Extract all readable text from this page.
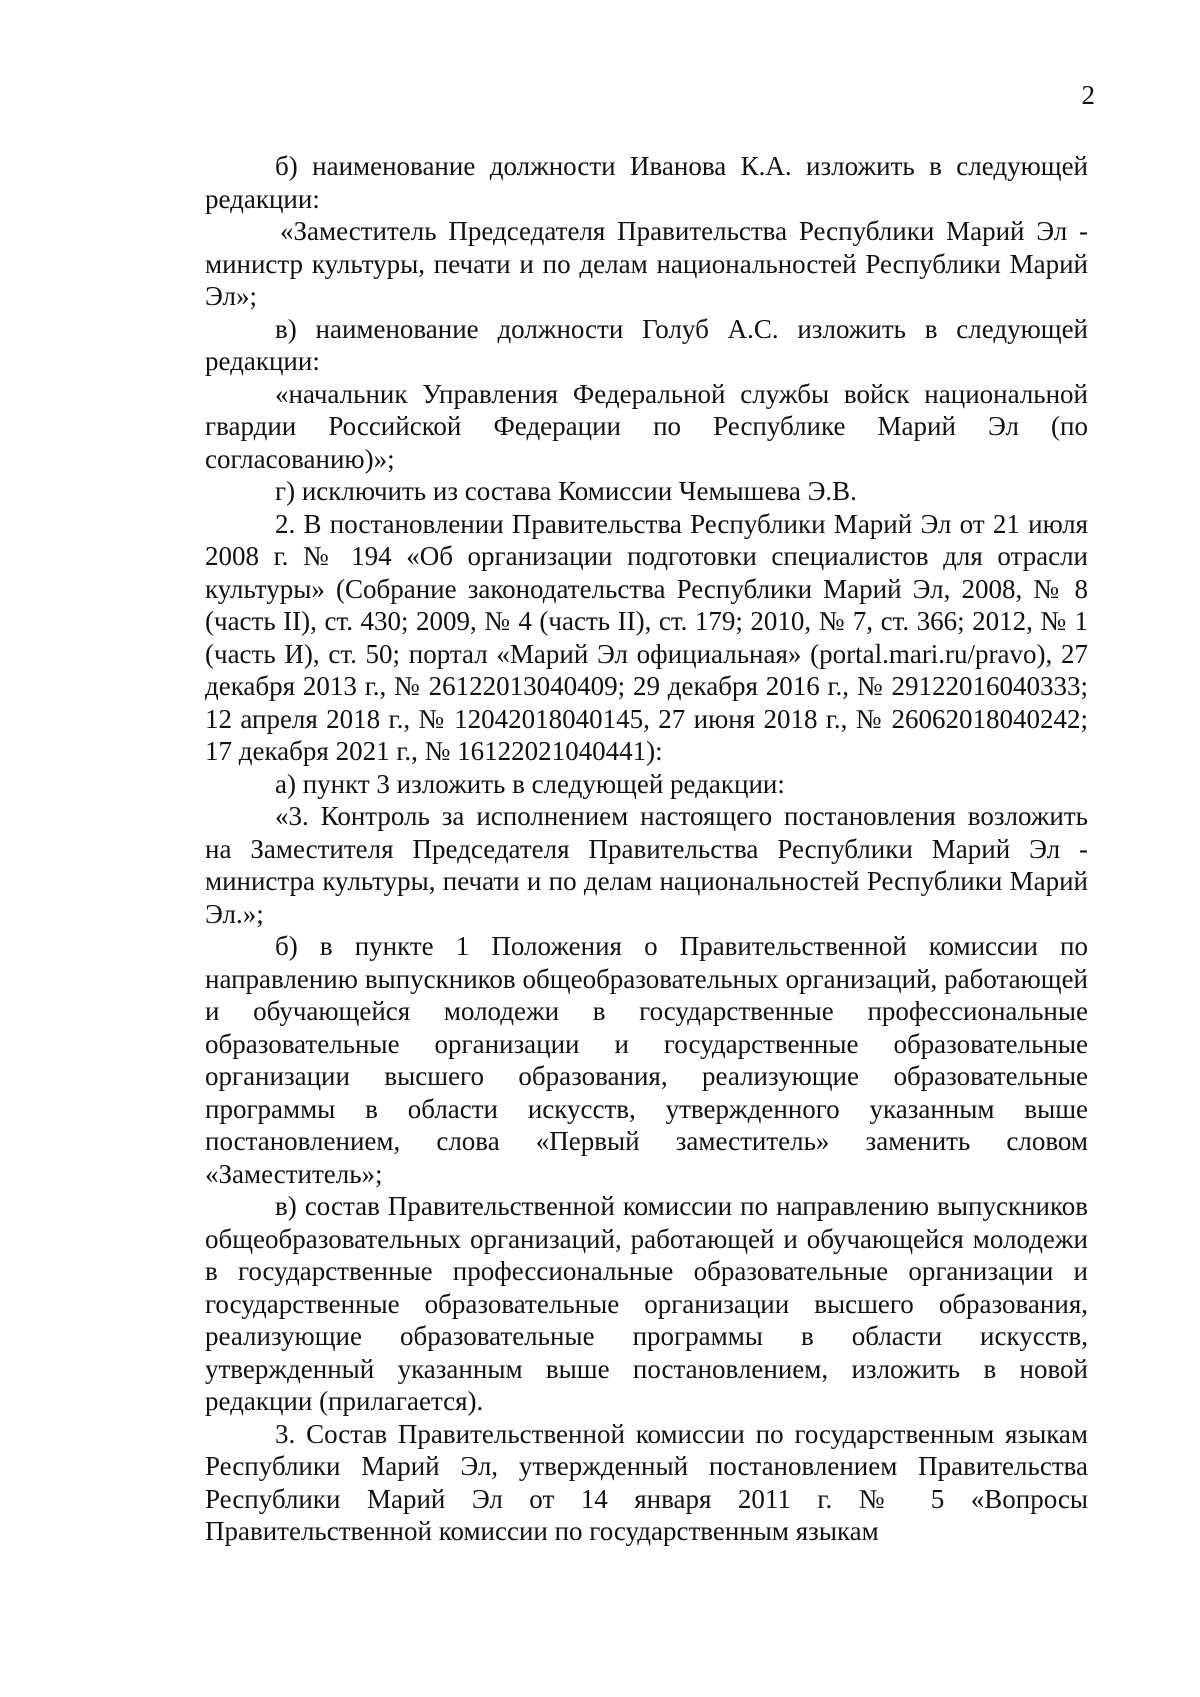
2

б) наименование должности Иванова К.А. изложить в следующей редакции:

«Заместитель Председателя Правительства Республики Марий Эл - министр культуры, печати и по делам национальностей Республики Марий Эл»;

в) наименование должности Голуб А.С. изложить в следующей редакции:

«начальник Управления Федеральной службы войск национальной гвардии Российской Федерации по Республике Марий Эл (по согласованию)»;

г) исключить из состава Комиссии Чемышева Э.В.

2. В постановлении Правительства Республики Марий Эл от 21 июля 2008 г. № 194 «Об организации подготовки специалистов для отрасли культуры» (Собрание законодательства Республики Марий Эл, 2008, № 8 (часть II), ст. 430; 2009, № 4 (часть II), ст. 179; 2010, № 7, ст. 366; 2012, № 1 (часть И), ст. 50; портал «Марий Эл официальная» (portal.mari.ru/pravo), 27 декабря 2013 г., № 26122013040409; 29 декабря 2016 г., № 29122016040333; 12 апреля 2018 г., № 12042018040145, 27 июня 2018 г., № 26062018040242; 17 декабря 2021 г., № 16122021040441):

а) пункт 3 изложить в следующей редакции:

«3. Контроль за исполнением настоящего постановления возложить на Заместителя Председателя Правительства Республики Марий Эл - министра культуры, печати и по делам национальностей Республики Марий Эл.»;

б) в пункте 1 Положения о Правительственной комиссии по направлению выпускников общеобразовательных организаций, работающей и обучающейся молодежи в государственные профессиональные образовательные организации и государственные образовательные организации высшего образования, реализующие образовательные программы в области искусств, утвержденного указанным выше постановлением, слова «Первый заместитель» заменить словом «Заместитель»;

в) состав Правительственной комиссии по направлению выпускников общеобразовательных организаций, работающей и обучающейся молодежи в государственные профессиональные образовательные организации и государственные образовательные организации высшего образования, реализующие образовательные программы в области искусств, утвержденный указанным выше постановлением, изложить в новой редакции (прилагается).

3. Состав Правительственной комиссии по государственным языкам Республики Марий Эл, утвержденный постановлением Правительства Республики Марий Эл от 14 января 2011 г. № 5 «Вопросы Правительственной комиссии по государственным языкам
